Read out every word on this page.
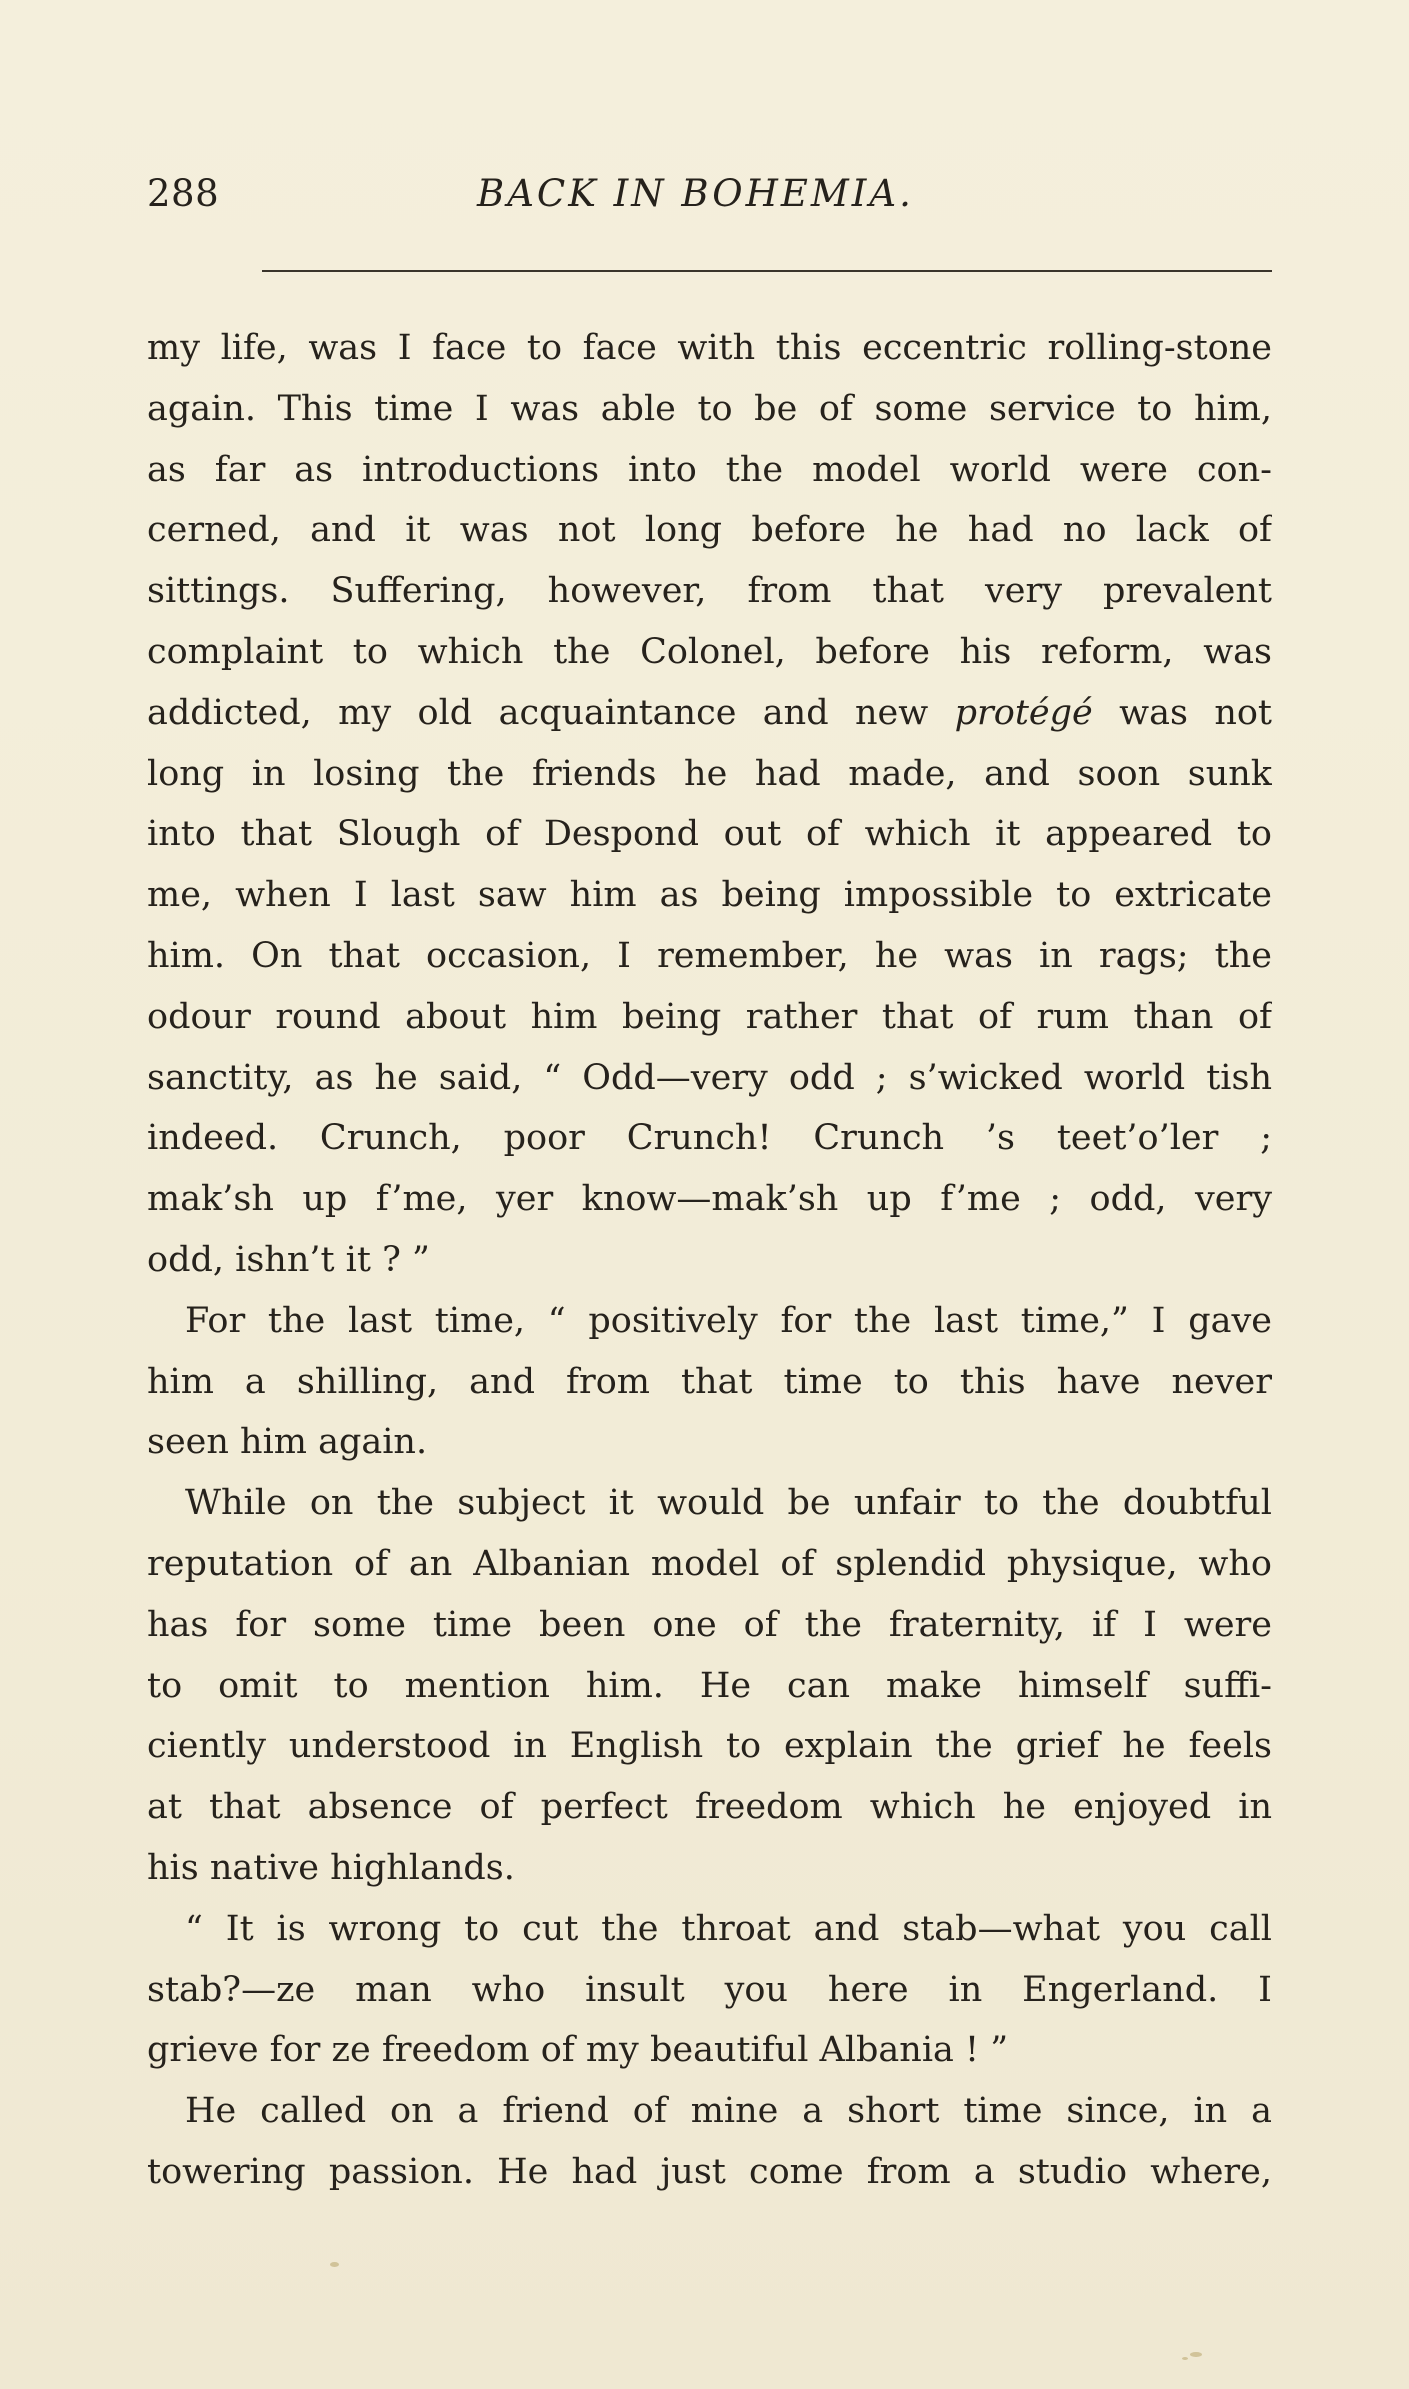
288	BACK IN BOHEMIA.
my life, was I face to face with this eccentric rolling-stone
again. This time I was able to be of some service to him,
as far as introductions into the model world were con-
cerned, and it was not long before he had no lack of
sittings. Suffering, however, from that very prevalent
complaint to which the Colonel, before his reform, was
addicted, my old acquaintance and new protégé was not
long in losing the friends he had made, and soon sunk
into that Slough of Despond out of which it appeared to
me, when I last saw him as being impossible to extricate
him. On that occasion, I remember, he was in rags; the
odour round about him being rather that of rum than of
sanctity, as he said, “ Odd—very odd ; s’wicked world tish
indeed. Crunch, poor Crunch! Crunch ’s teet’o’ler ;
mak’sh up f’me, yer know—mak’sh up f’me ; odd, very
odd, ishn’t it ? ”
For the last time, “ positively for the last time,” I gave
him a shilling, and from that time to this have never
seen him again.
While on the subject it would be unfair to the doubtful
reputation of an Albanian model of splendid physique, who
has for some time been one of the fraternity, if I were
to omit to mention him. He can make himself suffi-
ciently understood in English to explain the grief he feels
at that absence of perfect freedom which he enjoyed in
his native highlands.
“ It is wrong to cut the throat and stab—what you call
stab?—ze man who insult you here in Engerland. I
grieve for ze freedom of my beautiful Albania ! ”
He called on a friend of mine a short time since, in a
towering passion. He had just come from a studio where,
